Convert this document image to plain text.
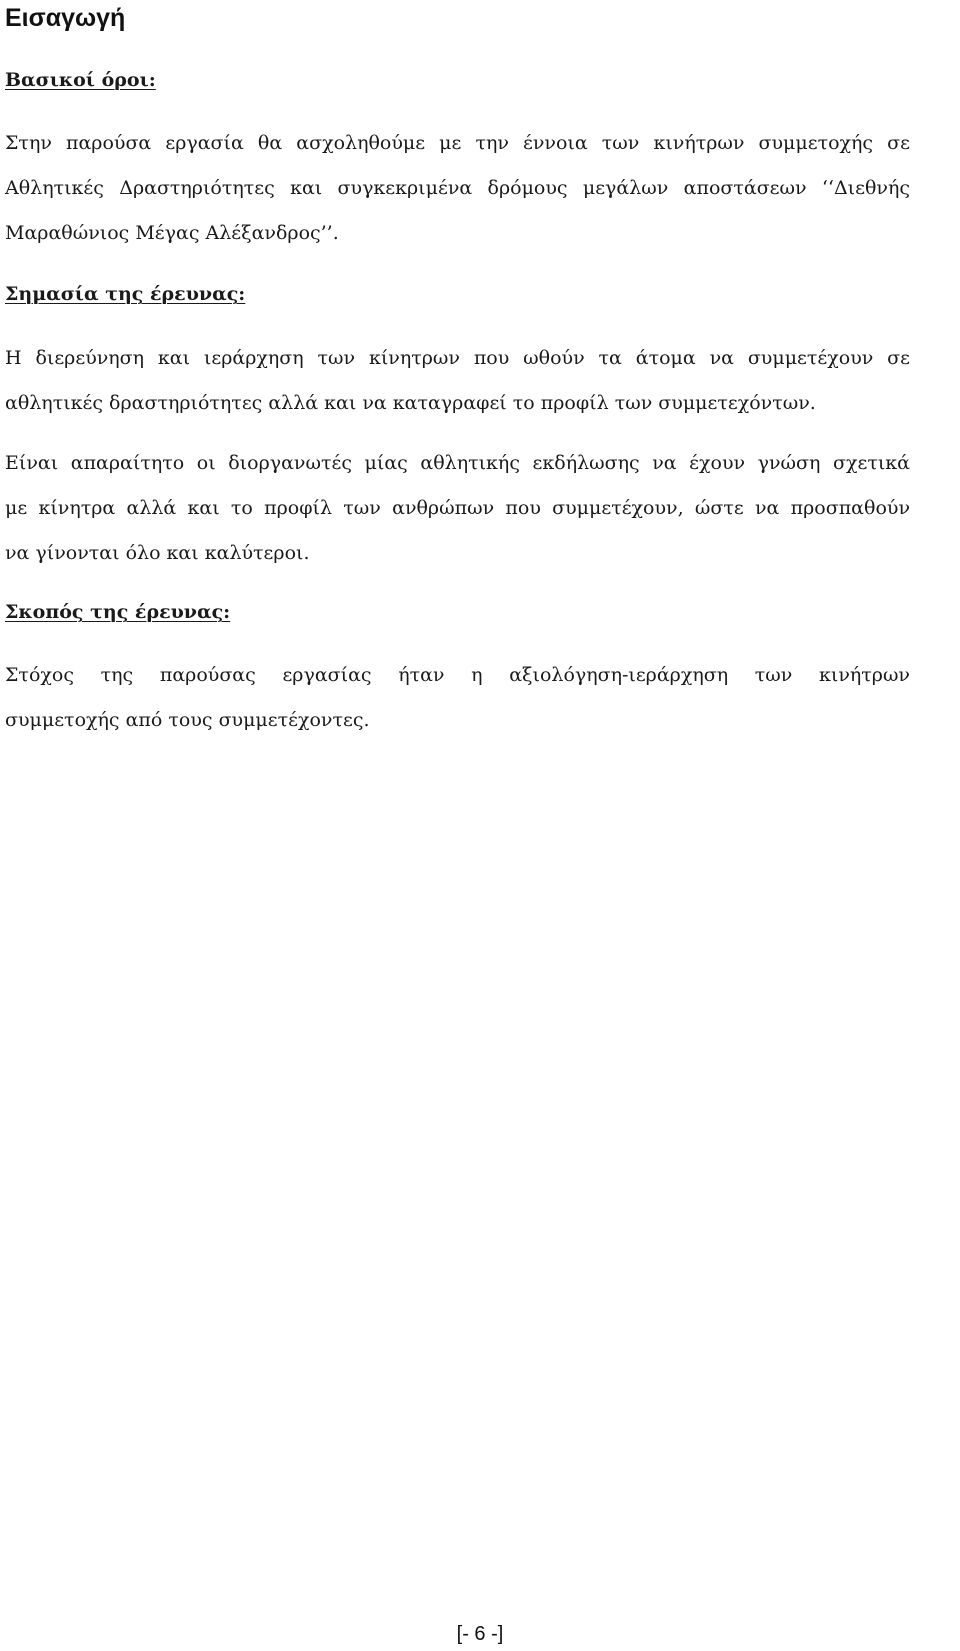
Εισαγωγή
Βασικοί όροι:

Στην παρούσα εργασία θα ασχοληθούμε με την έννοια των κινήτρων συμμετοχής σε
Αθλητικές Δραστηριότητες και συγκεκριμένα δρόμους μεγάλων αποστάσεων ‘‘Διεθνής
Μαραθώνιος Μέγας Αλέξανδρος’’.

Σημασία της έρευνας:

Η διερεύνηση και ιεράρχηση των κίνητρων που ωθούν τα άτομα να συμμετέχουν σε
αθλητικές δραστηριότητες αλλά και να καταγραφεί το προφίλ των συμμετεχόντων.

Είναι απαραίτητο οι διοργανωτές μίας αθλητικής εκδήλωσης να έχουν γνώση σχετικά
με κίνητρα αλλά και το προφίλ των ανθρώπων που συμμετέχουν, ώστε να προσπαθούν
να γίνονται όλο και καλύτεροι.

Σκοπός της έρευνας:

Στόχος της παρούσας εργασίας ήταν η αξιολόγηση-ιεράρχηση των κινήτρων
συμμετοχής από τους συμμετέχοντες.

[- 6 -]
